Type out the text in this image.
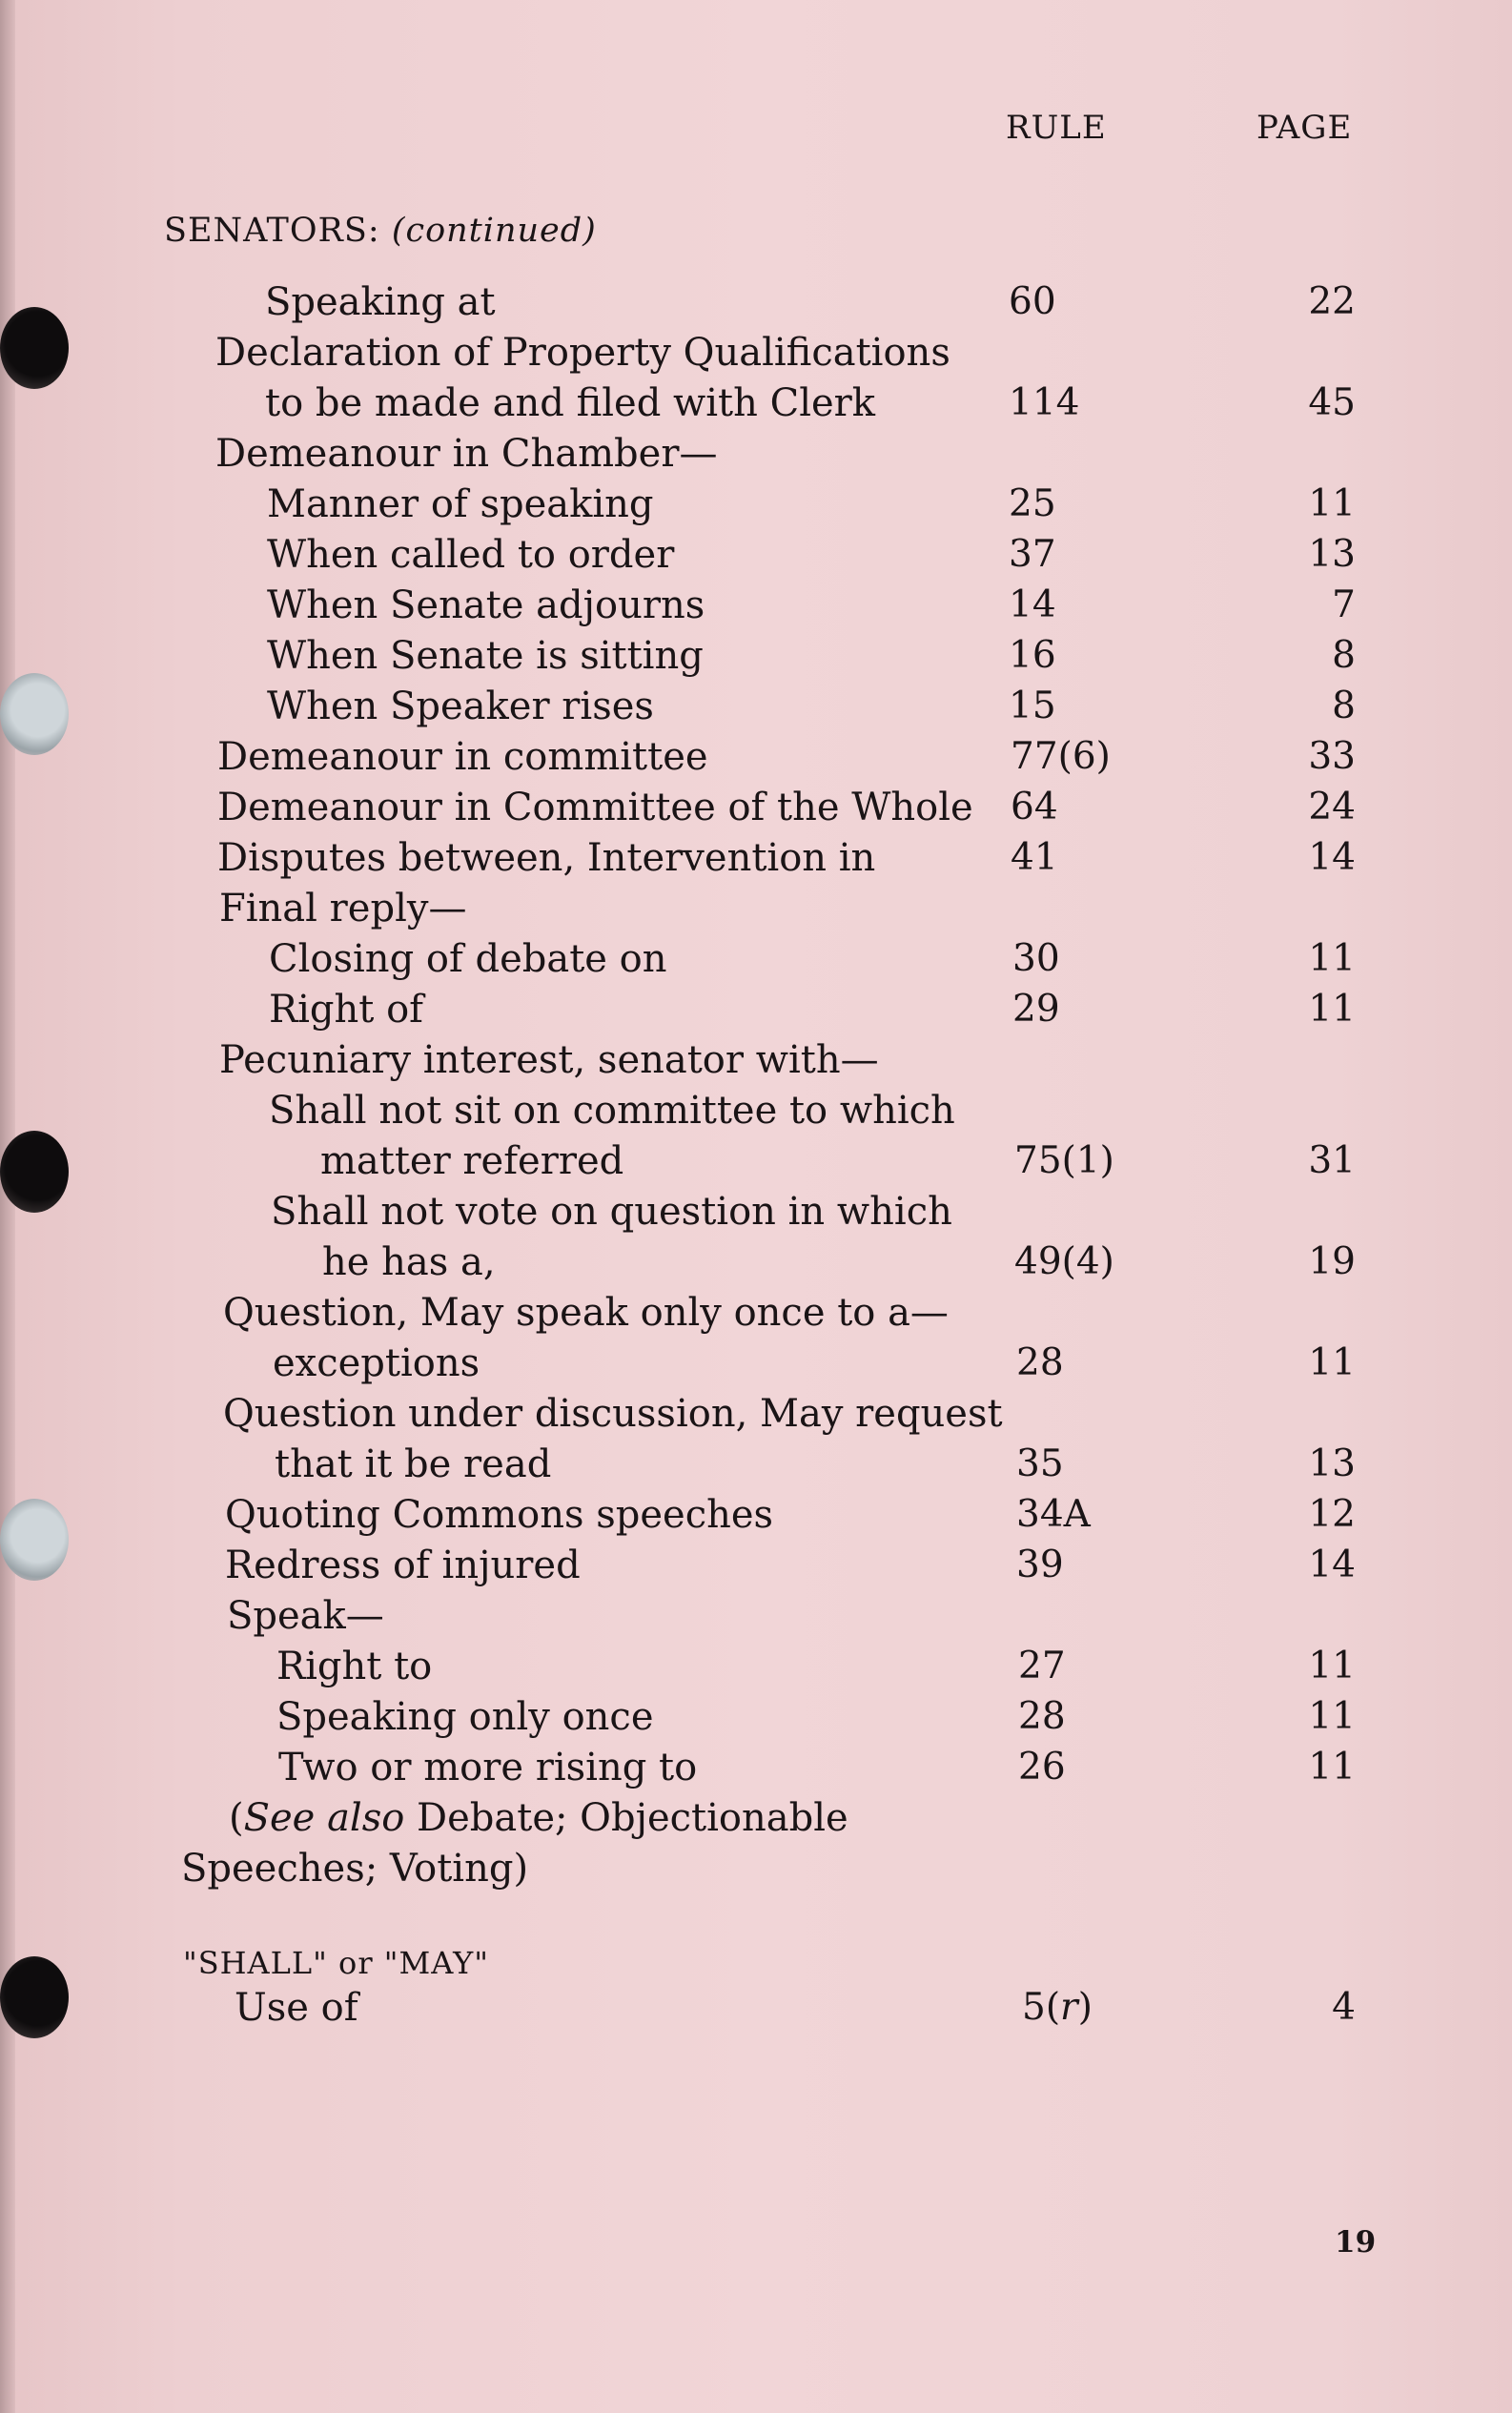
RULE	PAGE
SENATORS: (continued)
Speaking at	60	22
Declaration of Property Qualifications
to be made and filed with Clerk	114	45
Demeanour in Chamber—
Manner of speaking	25	11
When called to order	37	13
When Senate adjourns	14	7
When Senate is sitting	16	8
When Speaker rises	15	8
Demeanour in committee	77(6)	33
Demeanour in Committee of the Whole 64	24
Disputes between, Intervention in	41	14
Final reply—
Closing of debate on	30	11
Right of	29	11
Pecuniary interest, senator with—
Shall not sit on committee to which
matter referred	75(1)	31
Shall not vote on question in which
he has a,	49(4)	19
Question, May speak only once to a—
exceptions	28	11
Question under discussion, May request
that it be read	35	13
Quoting Commons speeches	34A	12
Redress of injured	39	14
Speak—
Right to	27	11
Speaking only once	28	11
Two or more rising to	26	11
(See also Debate; Objectionable
Speeches; Voting)
"SHALL" or "MAY"
Use of	5(r)	4
19
